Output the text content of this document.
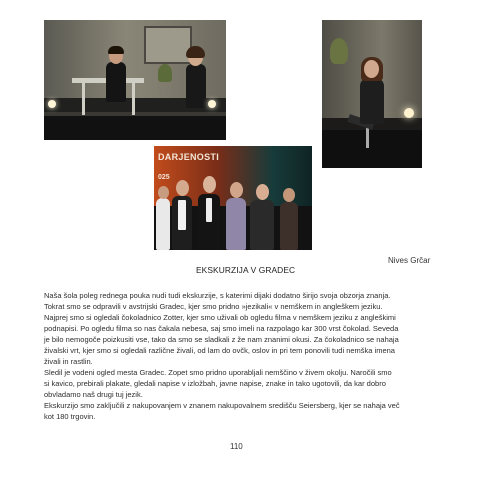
DARJENOSTI
025
Nives Grčar
EKSKURZIJA V GRADEC

Naša šola poleg rednega pouka nudi tudi ekskurzije, s katerimi dijaki dodatno širijo svoja obzorja znanja.

Tokrat smo se odpravili v avstrijski Gradec, kjer smo pridno »jezikali« v nemškem in angleškem jeziku.

Najprej smo si ogledali čokoladnico Zotter, kjer smo uživali ob ogledu filma v nemškem jeziku z angleškimi

podnapisi. Po ogledu filma so nas čakala nebesa, saj smo imeli na razpolago kar 300 vrst čokolad. Seveda

je bilo nemogoče poizkusiti vse, tako da smo se sladkali z že nam znanimi okusi. Za čokoladnico se nahaja

živalski vrt, kjer smo si ogledali različne živali, od lam do ovčk, oslov in pri tem ponovili tudi nemška imena

živali in rastlin.

Sledil je vodeni ogled mesta Gradec. Zopet smo pridno uporabljali nemščino v živem okolju. Naročili smo

si kavico, prebirali plakate, gledali napise v izložbah, javne napise, znake in tako ugotovili, da kar dobro

obvladamo naš drugi tuj jezik.

Ekskurzijo smo zaključili z nakupovanjem v znanem nakupovalnem središču Seiersberg, kjer se nahaja več

kot 180 trgovin.

110
